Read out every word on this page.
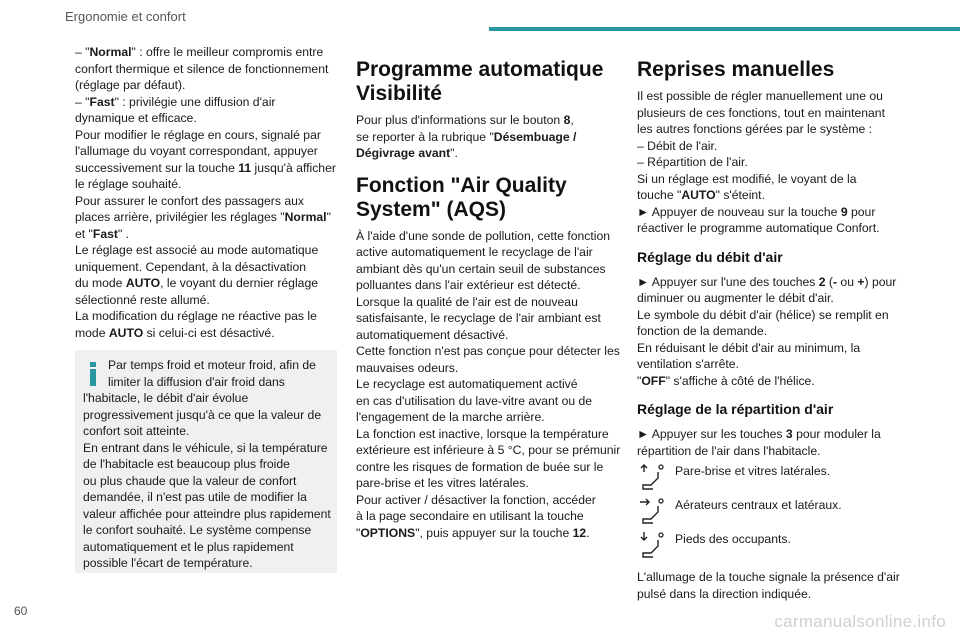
Ergonomie et confort
– "Normal" : offre le meilleur compromis entre
confort thermique et silence de fonctionnement
(réglage par défaut).
– "Fast" : privilégie une diffusion d'air
dynamique et efficace.
Pour modifier le réglage en cours, signalé par
l'allumage du voyant correspondant, appuyer
successivement sur la touche 11 jusqu'à afficher
le réglage souhaité.
Pour assurer le confort des passagers aux
places arrière, privilégier les réglages "Normal"
et "Fast" .
Le réglage est associé au mode automatique
uniquement. Cependant, à la désactivation
du mode AUTO, le voyant du dernier réglage
sélectionné reste allumé.
La modification du réglage ne réactive pas le
mode AUTO si celui-ci est désactivé.
Par temps froid et moteur froid, afin de
limiter la diffusion d'air froid dans
l'habitacle, le débit d'air évolue
progressivement jusqu'à ce que la valeur de
confort soit atteinte.
En entrant dans le véhicule, si la température
de l'habitacle est beaucoup plus froide
ou plus chaude que la valeur de confort
demandée, il n'est pas utile de modifier la
valeur affichée pour atteindre plus rapidement
le confort souhaité. Le système compense
automatiquement et le plus rapidement
possible l'écart de température.
Programme automatique Visibilité
Pour plus d'informations sur le bouton 8,
se reporter à la rubrique "Désembuage /
Dégivrage avant".
Fonction "Air Quality System" (AQS)
À l'aide d'une sonde de pollution, cette fonction
active automatiquement le recyclage de l'air
ambiant dès qu'un certain seuil de substances
polluantes dans l'air extérieur est détecté.
Lorsque la qualité de l'air est de nouveau
satisfaisante, le recyclage de l'air ambiant est
automatiquement désactivé.
Cette fonction n'est pas conçue pour détecter les
mauvaises odeurs.
Le recyclage est automatiquement activé
en cas d'utilisation du lave-vitre avant ou de
l'engagement de la marche arrière.
La fonction est inactive, lorsque la température
extérieure est inférieure à 5 °C, pour se prémunir
contre les risques de formation de buée sur le
pare-brise et les vitres latérales.
Pour activer / désactiver la fonction, accéder
à la page secondaire en utilisant la touche
"OPTIONS", puis appuyer sur la touche 12.
Reprises manuelles
Il est possible de régler manuellement une ou
plusieurs de ces fonctions, tout en maintenant
les autres fonctions gérées par le système :
– Débit de l'air.
– Répartition de l'air.
Si un réglage est modifié, le voyant de la
touche "AUTO" s'éteint.
► Appuyer de nouveau sur la touche 9 pour
réactiver le programme automatique Confort.
Réglage du débit d'air
► Appuyer sur l'une des touches 2 (- ou +) pour
diminuer ou augmenter le débit d'air.
Le symbole du débit d'air (hélice) se remplit en
fonction de la demande.
En réduisant le débit d'air au minimum, la
ventilation s'arrête.
"OFF" s'affiche à côté de l'hélice.
Réglage de la répartition d'air
► Appuyer sur les touches 3 pour moduler la
répartition de l'air dans l'habitacle.
Pare-brise et vitres latérales.
Aérateurs centraux et latéraux.
Pieds des occupants.
L'allumage de la touche signale la présence d'air
pulsé dans la direction indiquée.
60
carmanualsonline.info
